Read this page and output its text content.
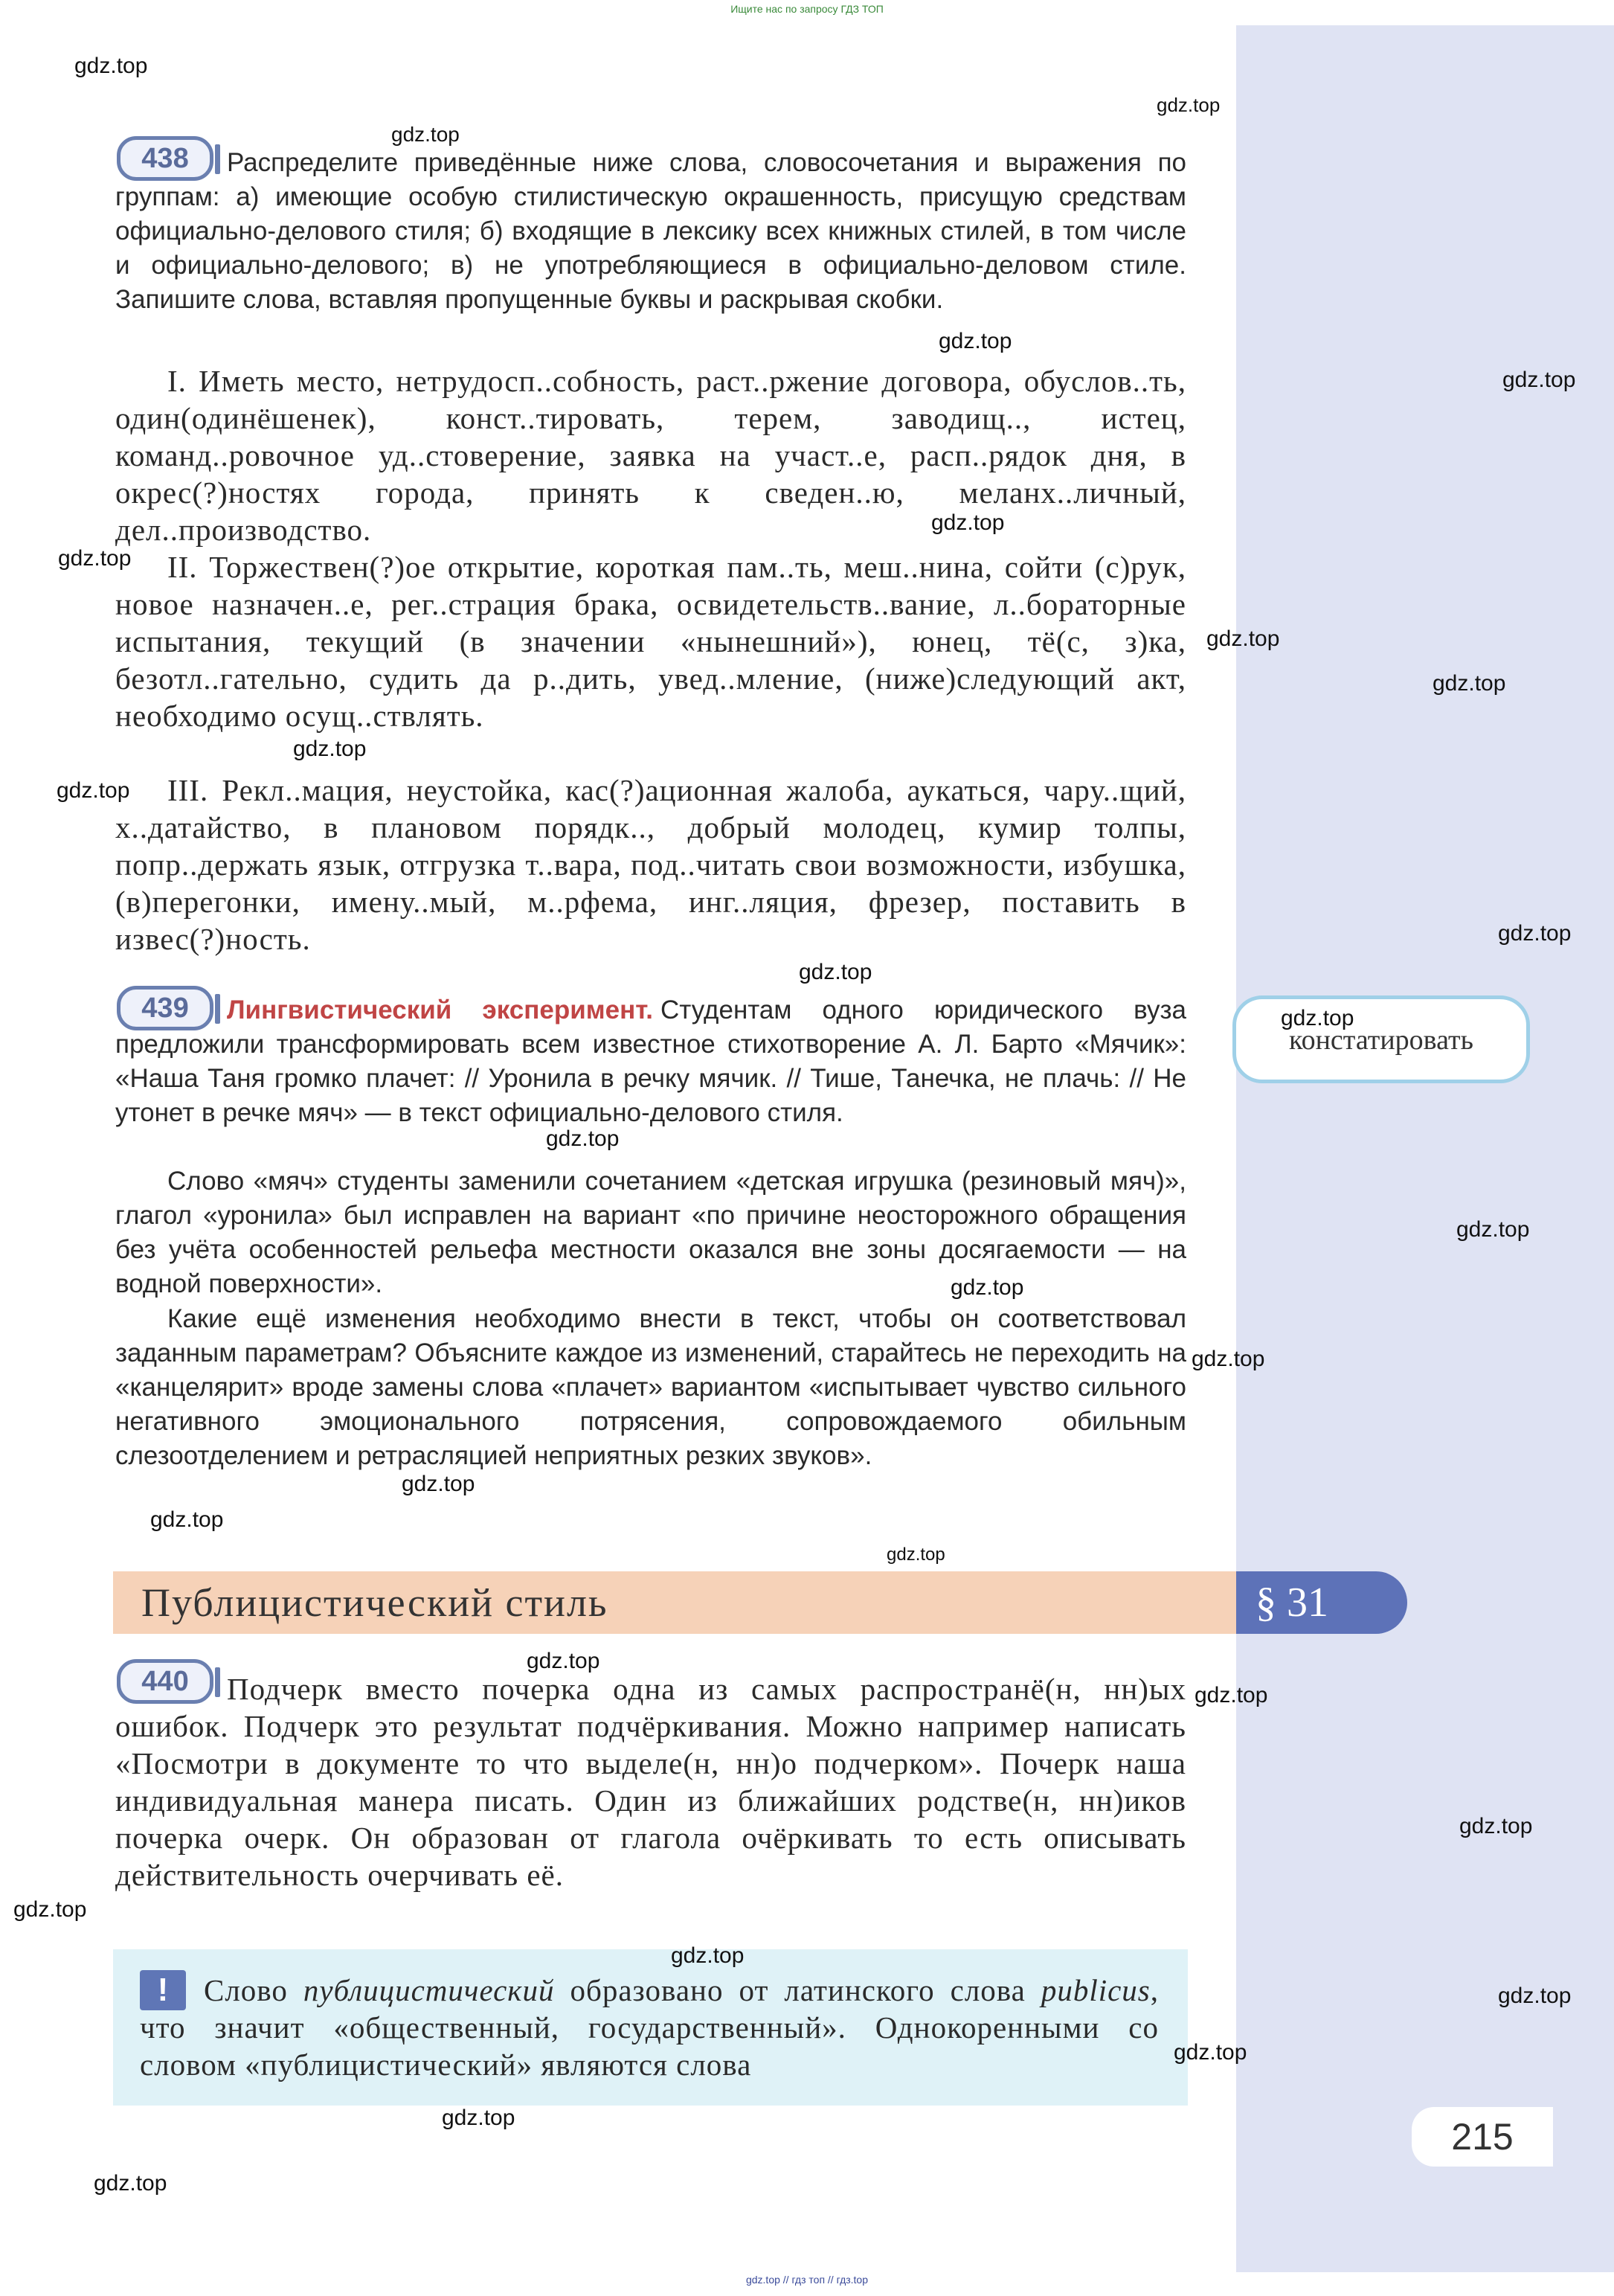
Ищите нас по запросу ГДЗ ТОП
438	Распределите приведённые ниже слова, словосочетания и выражения по группам: а) имеющие особую стилистическую окрашенность, присущую средствам официально-делового стиля; б) входящие в лексику всех книжных стилей, в том числе и официально-делового; в) не употребляющиеся в официально-деловом стиле. Запишите слова, вставляя пропущенные буквы и раскрывая скобки.

I. Иметь место, нетрудосп..собность, раст..ржение договора, обуслов..ть, один(одинёшенек), конст..тировать, терем, заводищ.., истец, команд..ровочное уд..стоверение, заявка на участ..е, расп..рядок дня, в окрес(?)ностях города, принять к сведен..ю, меланх..личный, дел..производство.

II. Торжествен(?)ое открытие, короткая пам..ть, меш..нина, сойти (с)рук, новое назначен..е, рег..страция брака, освидетельств..вание, л..бораторные испытания, текущий (в значении «нынешний»), юнец, тё(с, з)ка, безотл..гательно, судить да р..дить, увед..мление, (ниже)следующий акт, необходимо осущ..ствлять.

III. Рекл..мация, неустойка, кас(?)ационная жалоба, аукаться, чару..щий, х..датайство, в плановом порядк.., добрый молодец, кумир толпы, попр..держать язык, отгрузка т..вара, под..читать свои возможности, избушка, (в)перегонки, имену..мый, м..рфема, инг..ляция, фрезер, поставить в извес(?)ность.

439	Лингвистический эксперимент. Студентам одного юридического вуза предложили трансформировать всем известное стихотворение А. Л. Барто «Мячик»: «Наша Таня громко плачет: // Уронила в речку мячик. // Тише, Танечка, не плачь: // Не утонет в речке мяч» — в текст официально-делового стиля.

Слово «мяч» студенты заменили сочетанием «детская игрушка (резиновый мяч)», глагол «уронила» был исправлен на вариант «по причине неосторожного обращения без учёта особенностей рельефа местности оказался вне зоны досягаемости — на водной поверхности».

Какие ещё изменения необходимо внести в текст, чтобы он соответствовал заданным параметрам? Объясните каждое из изменений, старайтесь не переходить на «канцелярит» вроде замены слова «плачет» вариантом «испытывает чувство сильного негативного эмоционального потрясения, сопровождаемого обильным слезоотделением и ретрасляцией неприятных резких звуков».

констатировать
Публицистический стиль	§ 31
440	Подчерк вместо почерка одна из самых распространё(н, нн)ых ошибок. Подчерк это результат подчёркивания. Можно например написать «Посмотри в документе то что выделе(н, нн)о подчерком». Почерк наша индивидуальная манера писать. Один из ближайших родстве(н, нн)иков почерка очерк. Он образован от глагола очёркивать то есть описывать действительность очерчивать её.

!	Слово публицистический образовано от латинского слова publicus, что значит «общественный, государственный». Однокоренными со словом «публицистический» являются слова

215
gdz.top
gdz.top
gdz.top
gdz.top
gdz.top
gdz.top
gdz.top
gdz.top
gdz.top
gdz.top
gdz.top
gdz.top
gdz.top
gdz.top
gdz.top
gdz.top
gdz.top
gdz.top
gdz.top
gdz.top
gdz.top
gdz.top
gdz.top
gdz.top
gdz.top
gdz.top
gdz.top
gdz.top
gdz.top
gdz.top
gdz.top // гдз топ // гдз.top
